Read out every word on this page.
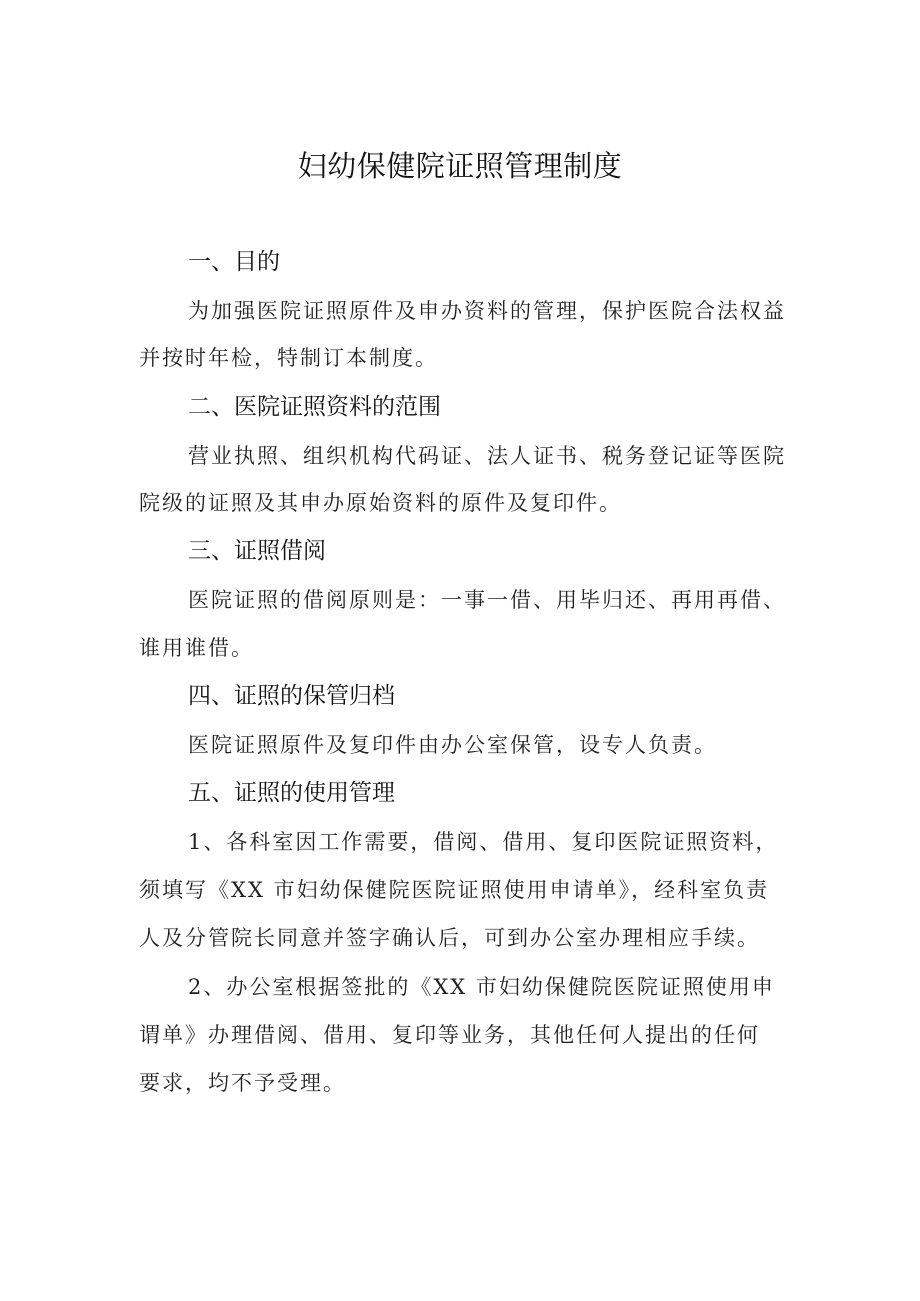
妇幼保健院证照管理制度
一、目的
为加强医院证照原件及申办资料的管理，保护医院合法权益
并按时年检，特制订本制度。
二、医院证照资料的范围
营业执照、组织机构代码证、法人证书、税务登记证等医院
院级的证照及其申办原始资料的原件及复印件。
三、证照借阅
医院证照的借阅原则是：一事一借、用毕归还、再用再借、
谁用谁借。
四、证照的保管归档
医院证照原件及复印件由办公室保管，设专人负责。
五、证照的使用管理
1、各科室因工作需要，借阅、借用、复印医院证照资料，
须填写《XX 市妇幼保健院医院证照使用申请单》，经科室负责
人及分管院长同意并签字确认后，可到办公室办理相应手续。
2、办公室根据签批的《XX 市妇幼保健院医院证照使用申
谓单》办理借阅、借用、复印等业务，其他任何人提出的任何
要求，均不予受理。
